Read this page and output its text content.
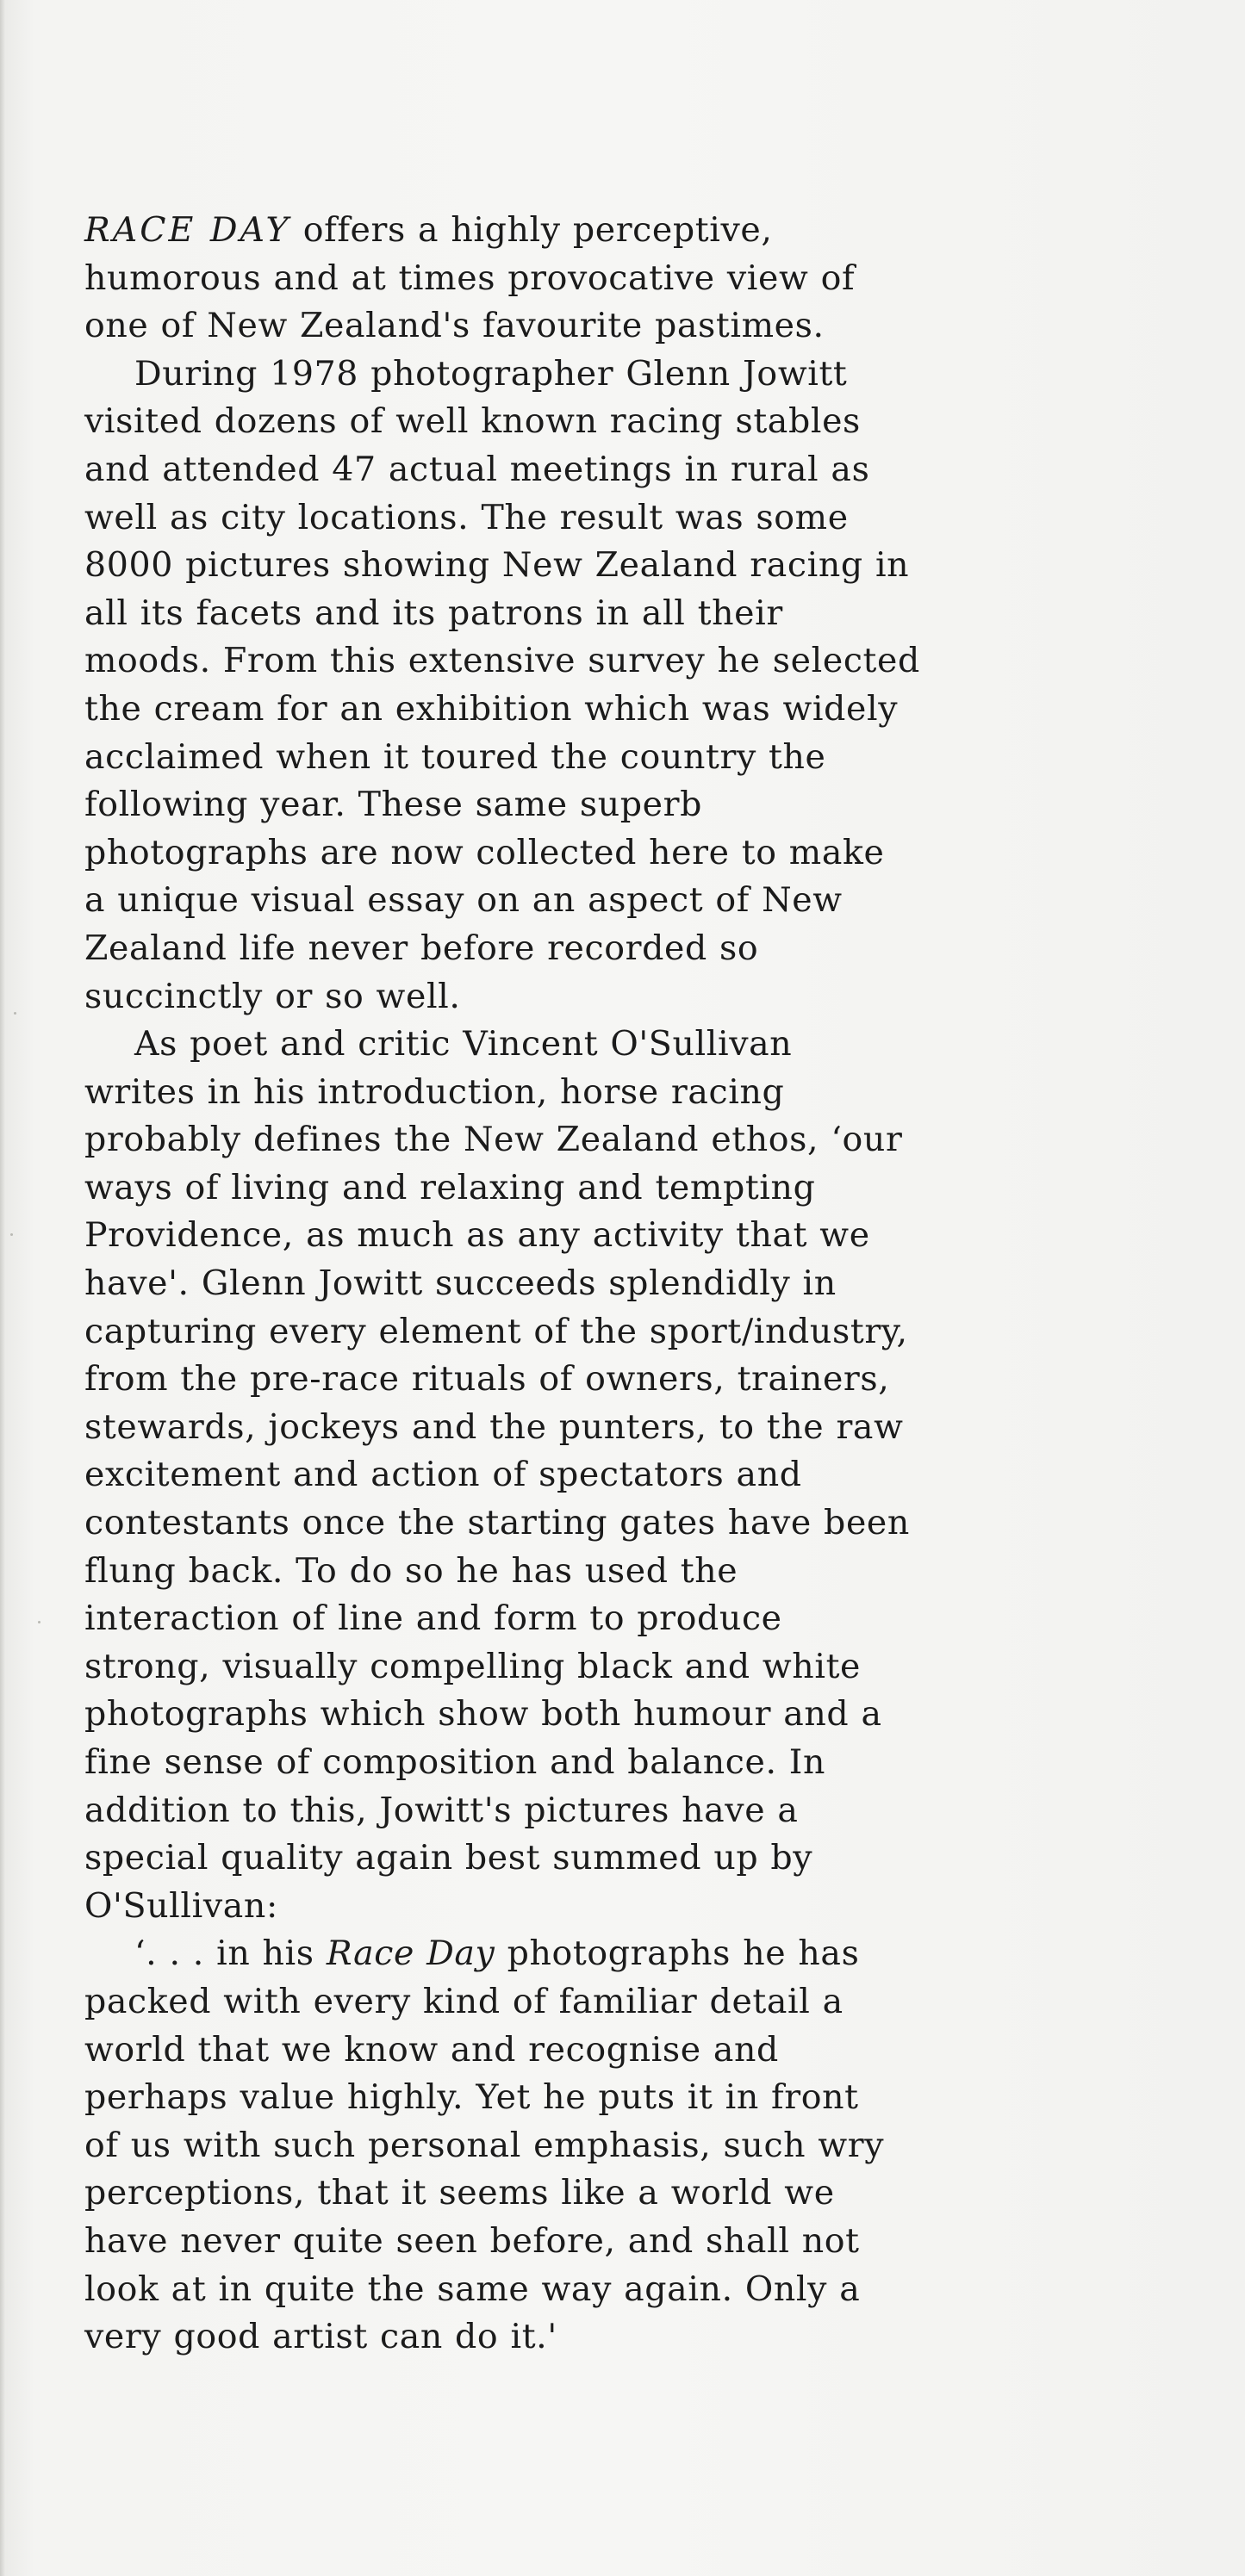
RACE DAY offers a highly perceptive,
humorous and at times provocative view of
one of New Zealand's favourite pastimes.
During 1978 photographer Glenn Jowitt
visited dozens of well known racing stables
and attended 47 actual meetings in rural as
well as city locations. The result was some
8000 pictures showing New Zealand racing in
all its facets and its patrons in all their
moods. From this extensive survey he selected
the cream for an exhibition which was widely
acclaimed when it toured the country the
following year. These same superb
photographs are now collected here to make
a unique visual essay on an aspect of New
Zealand life never before recorded so
succinctly or so well.
As poet and critic Vincent O'Sullivan
writes in his introduction, horse racing
probably defines the New Zealand ethos, ‘our
ways of living and relaxing and tempting
Providence, as much as any activity that we
have'. Glenn Jowitt succeeds splendidly in
capturing every element of the sport/industry,
from the pre-race rituals of owners, trainers,
stewards, jockeys and the punters, to the raw
excitement and action of spectators and
contestants once the starting gates have been
flung back. To do so he has used the
interaction of line and form to produce
strong, visually compelling black and white
photographs which show both humour and a
fine sense of composition and balance. In
addition to this, Jowitt's pictures have a
special quality again best summed up by
O'Sullivan:
‘. . . in his Race Day photographs he has
packed with every kind of familiar detail a
world that we know and recognise and
perhaps value highly. Yet he puts it in front
of us with such personal emphasis, such wry
perceptions, that it seems like a world we
have never quite seen before, and shall not
look at in quite the same way again. Only a
very good artist can do it.'
